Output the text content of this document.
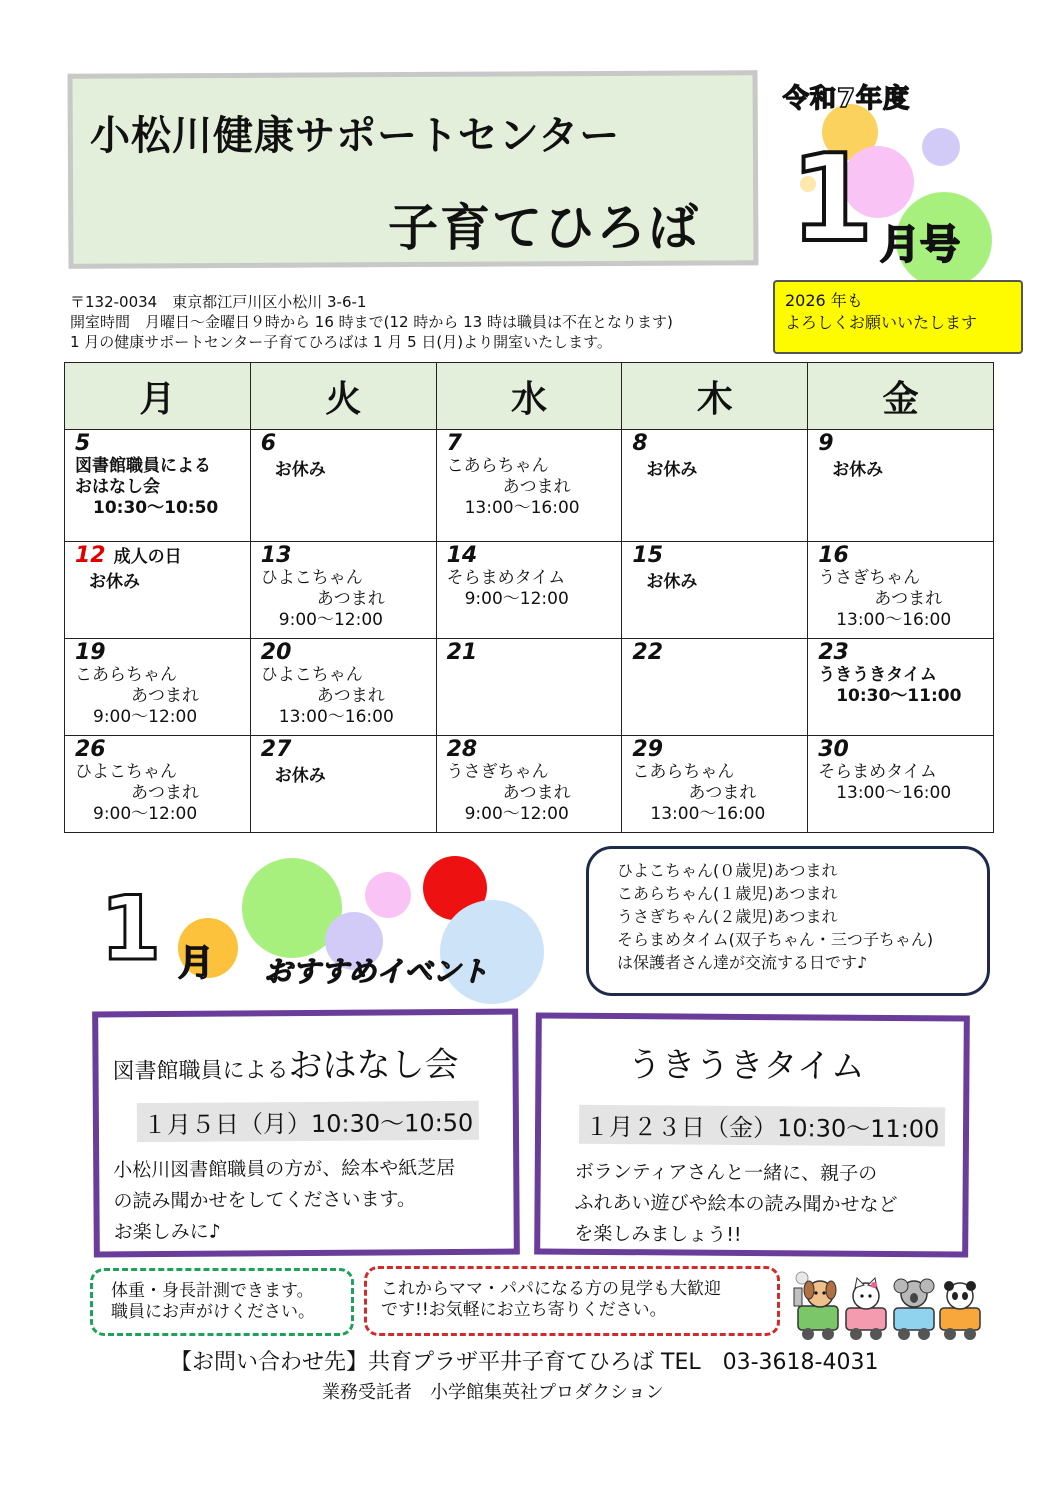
小松川健康サポートセンター
子育てひろば
令和7年度
1 月号
2026 年も
よろしくお願いいたします
〒132-0034　東京都江戸川区小松川 3-6-1
開室時間　月曜日～金曜日９時から 16 時まで(12 時から 13 時は職員は不在となります)
1 月の健康サポートセンター子育てひろばは 1 月 5 日(月)より開室いたします。
月	火	水	木	金
5
図書館職員による
おはなし会
10:30～10:50	6
お休み	7
こあらちゃん
あつまれ
13:00～16:00	8
お休み	9
お休み

12 成人の日
お休み	13
ひよこちゃん
あつまれ
9:00～12:00	14
そらまめタイム
9:00～12:00	15
お休み	16
うさぎちゃん
あつまれ
13:00～16:00

19
こあらちゃん
あつまれ
9:00～12:00	20
ひよこちゃん
あつまれ
13:00～16:00	21	22	23
うきうきタイム
10:30～11:00

26
ひよこちゃん
あつまれ
9:00～12:00	27
お休み	28
うさぎちゃん
あつまれ
9:00～12:00	29
こあらちゃん
あつまれ
13:00～16:00	30
そらまめタイム
13:00～16:00
1 月 おすすめイベント
ひよこちゃん(０歳児)あつまれ
こあらちゃん(１歳児)あつまれ
うさぎちゃん(２歳児)あつまれ
そらまめタイム(双子ちゃん・三つ子ちゃん)
は保護者さん達が交流する日です♪
図書館職員によるおはなし会
１月５日（月）10:30～10:50
小松川図書館職員の方が、絵本や紙芝居
の読み聞かせをしてくださいます。
お楽しみに♪
うきうきタイム
１月２３日（金）10:30～11:00
ボランティアさんと一緒に、親子の
ふれあい遊びや絵本の読み聞かせなど
を楽しみましょう!!
体重・身長計測できます。
職員にお声がけください。
これからママ・パパになる方の見学も大歓迎
です!!お気軽にお立ち寄りください。
【お問い合わせ先】共育プラザ平井子育てひろば TEL　03-3618-4031
業務受託者　小学館集英社プロダクション
